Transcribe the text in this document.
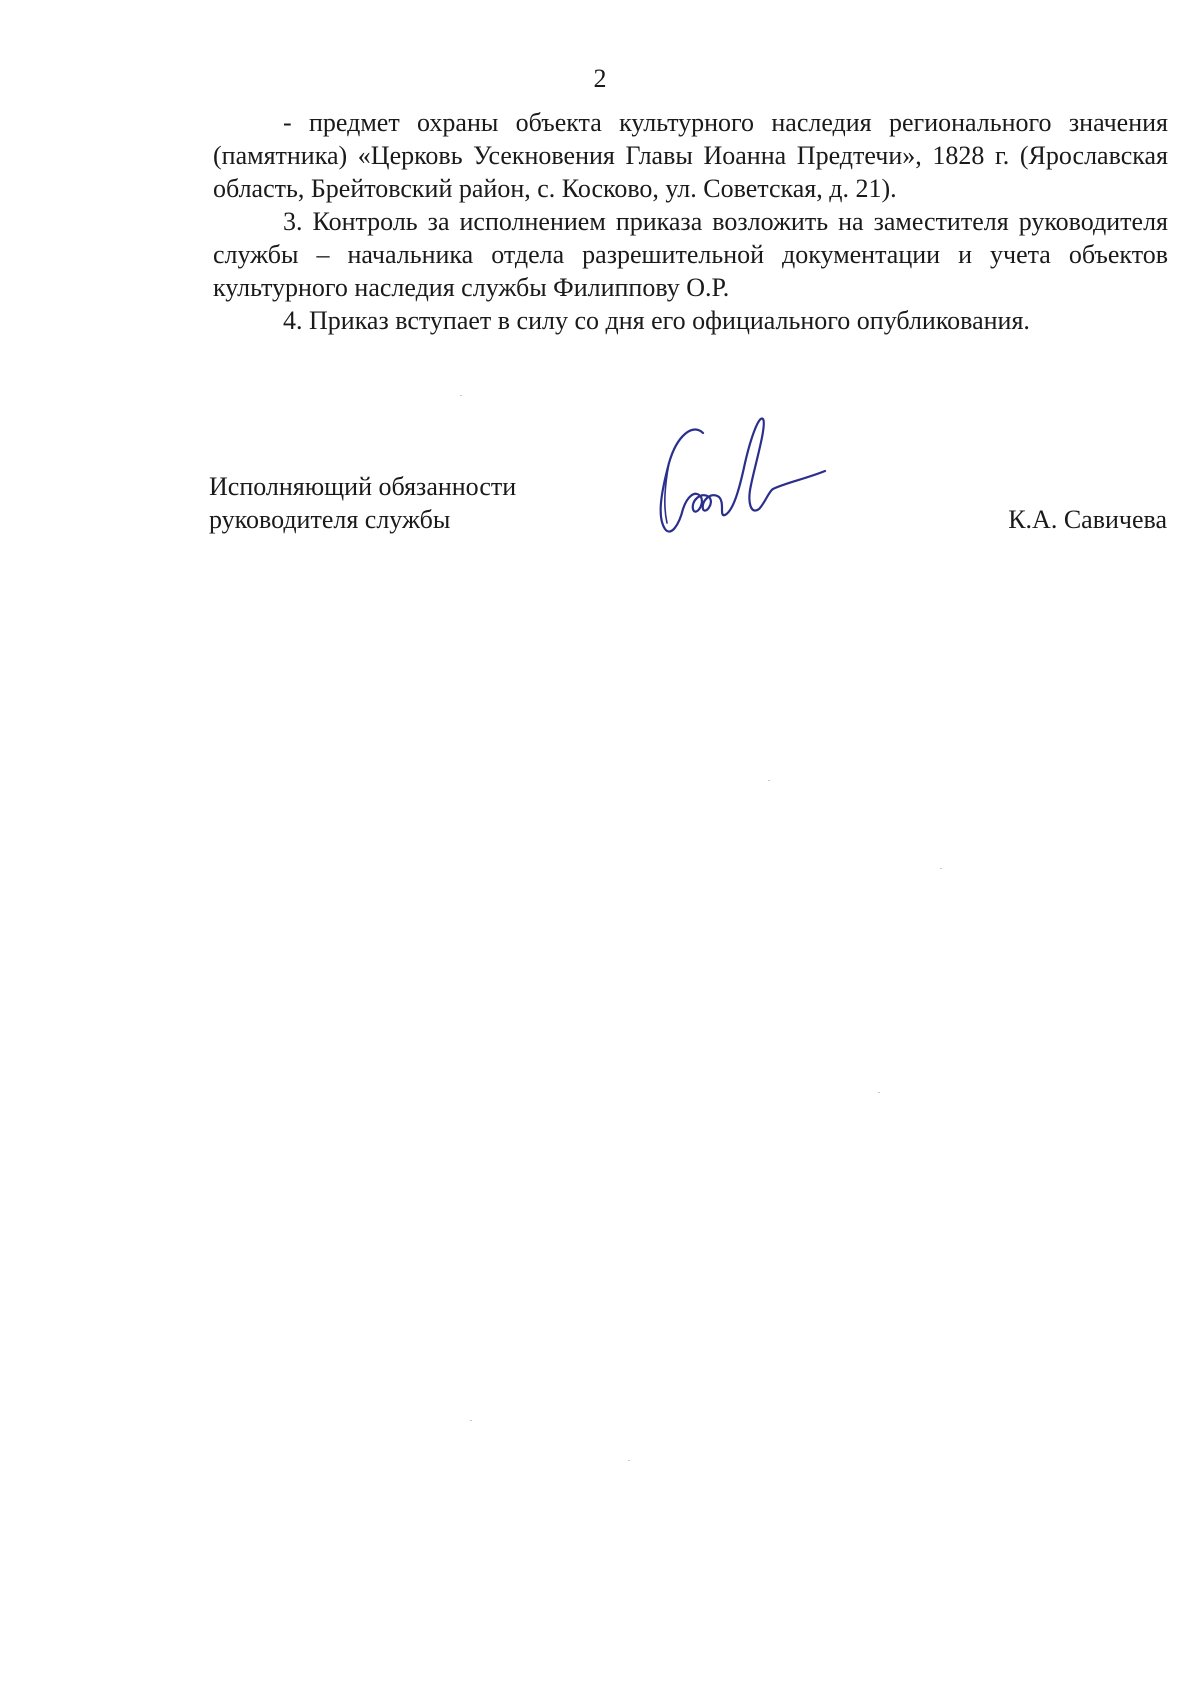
2

- предмет охраны объекта культурного наследия регионального значения (памятника) «Церковь Усекновения Главы Иоанна Предтечи», 1828 г. (Ярославская область, Брейтовский район, с. Косково, ул. Советская, д. 21).

3. Контроль за исполнением приказа возложить на заместителя руководителя службы – начальника отдела разрешительной документации и учета объектов культурного наследия службы Филиппову О.Р.

4. Приказ вступает в силу со дня его официального опубликования.

Исполняющий обязанности
руководителя службы	К.А. Савичева
